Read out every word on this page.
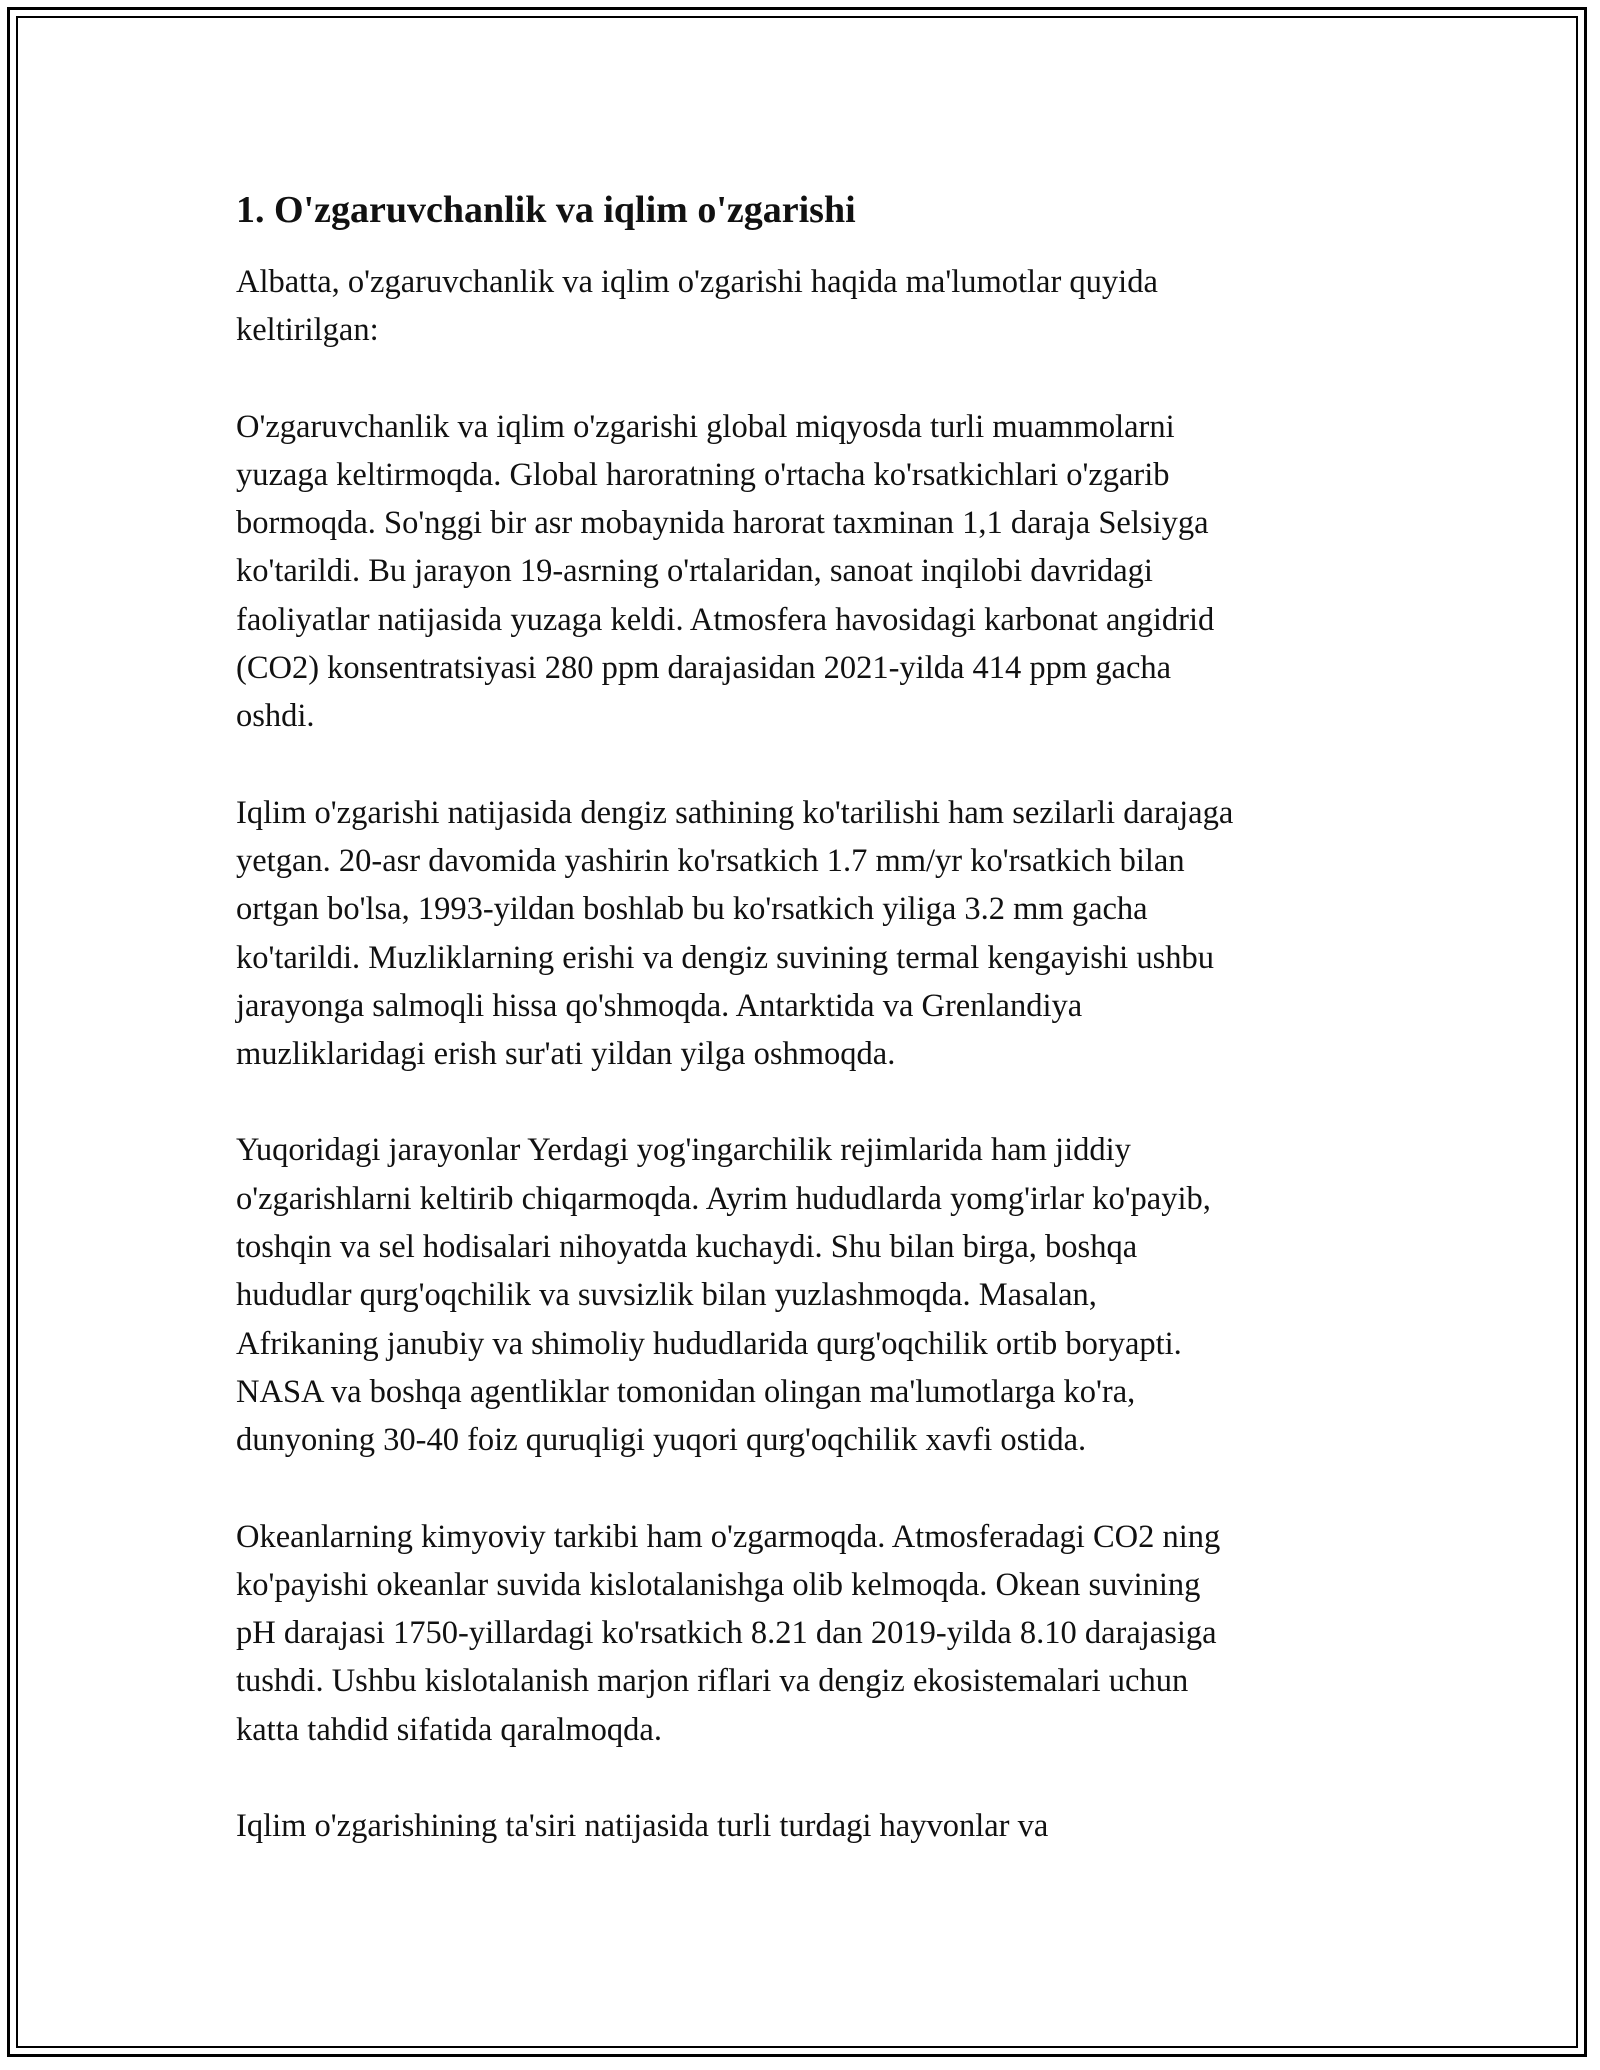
1. O'zgaruvchanlik va iqlim o'zgarishi

Albatta, o'zgaruvchanlik va iqlim o'zgarishi haqida ma'lumotlar quyida
keltirilgan:

O'zgaruvchanlik va iqlim o'zgarishi global miqyosda turli muammolarni
yuzaga keltirmoqda. Global haroratning o'rtacha ko'rsatkichlari o'zgarib
bormoqda. So'nggi bir asr mobaynida harorat taxminan 1,1 daraja Selsiyga
ko'tarildi. Bu jarayon 19-asrning o'rtalaridan, sanoat inqilobi davridagi
faoliyatlar natijasida yuzaga keldi. Atmosfera havosidagi karbonat angidrid
(CO2) konsentratsiyasi 280 ppm darajasidan 2021-yilda 414 ppm gacha
oshdi.

Iqlim o'zgarishi natijasida dengiz sathining ko'tarilishi ham sezilarli darajaga
yetgan. 20-asr davomida yashirin ko'rsatkich 1.7 mm/yr ko'rsatkich bilan
ortgan bo'lsa, 1993-yildan boshlab bu ko'rsatkich yiliga 3.2 mm gacha
ko'tarildi. Muzliklarning erishi va dengiz suvining termal kengayishi ushbu
jarayonga salmoqli hissa qo'shmoqda. Antarktida va Grenlandiya
muzliklaridagi erish sur'ati yildan yilga oshmoqda.

Yuqoridagi jarayonlar Yerdagi yog'ingarchilik rejimlarida ham jiddiy
o'zgarishlarni keltirib chiqarmoqda. Ayrim hududlarda yomg'irlar ko'payib,
toshqin va sel hodisalari nihoyatda kuchaydi. Shu bilan birga, boshqa
hududlar qurg'oqchilik va suvsizlik bilan yuzlashmoqda. Masalan,
Afrikaning janubiy va shimoliy hududlarida qurg'oqchilik ortib boryapti.
NASA va boshqa agentliklar tomonidan olingan ma'lumotlarga ko'ra,
dunyoning 30-40 foiz quruqligi yuqori qurg'oqchilik xavfi ostida.

Okeanlarning kimyoviy tarkibi ham o'zgarmoqda. Atmosferadagi CO2 ning
ko'payishi okeanlar suvida kislotalanishga olib kelmoqda. Okean suvining
pH darajasi 1750-yillardagi ko'rsatkich 8.21 dan 2019-yilda 8.10 darajasiga
tushdi. Ushbu kislotalanish marjon riflari va dengiz ekosistemalari uchun
katta tahdid sifatida qaralmoqda.

Iqlim o'zgarishining ta'siri natijasida turli turdagi hayvonlar va
